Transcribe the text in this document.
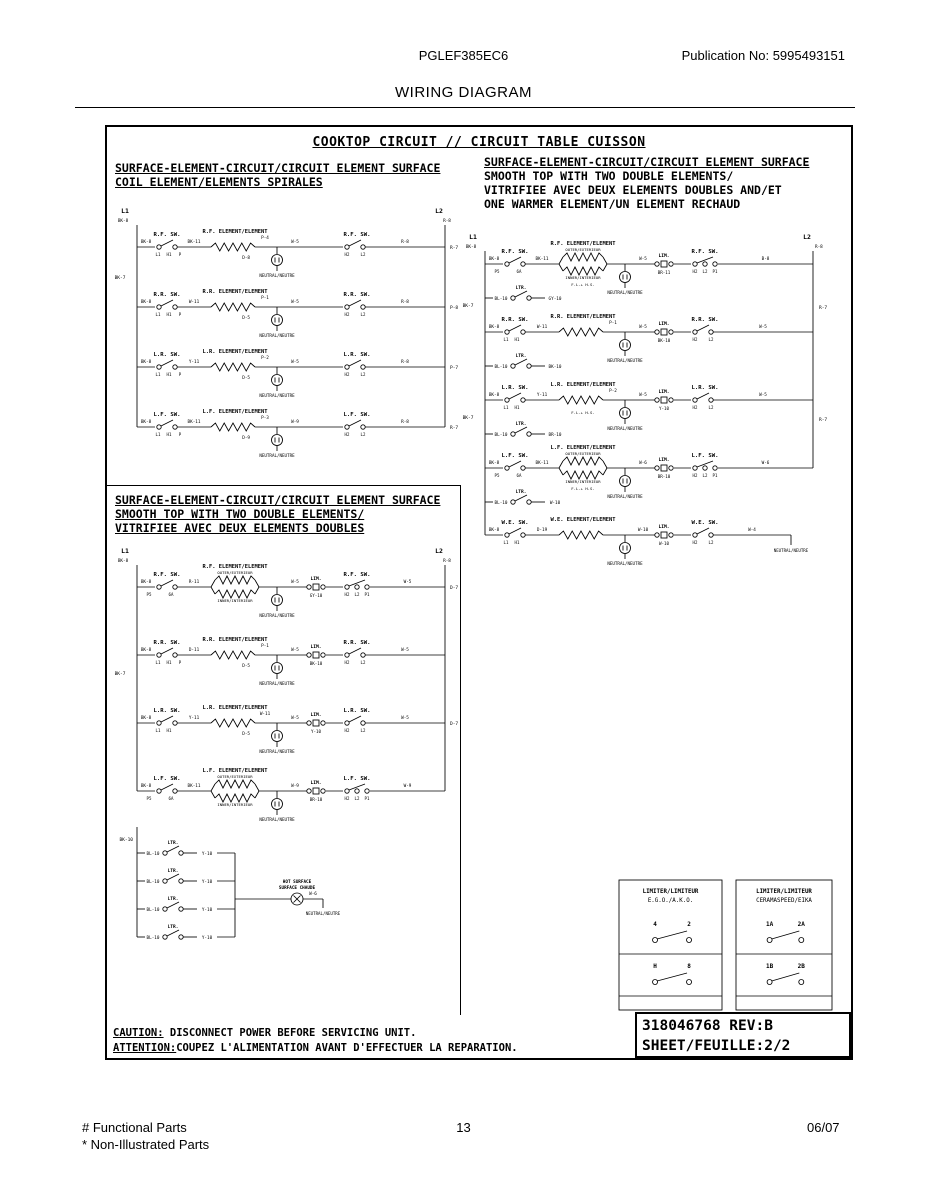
PGLEF385EC6	Publication No: 5995493151
WIRING DIAGRAM
L1
BK-8
BK-7
L2
R-8
BK-8
R.F. SW.
L1 H1 P
BK-11
R.F. ELEMENT/ELEMENT
P-4
D-8
NEUTRAL/NEUTRE
W-5
H2	L2
R.F. SW.
R-8
R-7
BK-8
R.R. SW.
L1 H1 P
W-11
R.R. ELEMENT/ELEMENT
P-1
D-5
NEUTRAL/NEUTRE
W-5
H2	L2
R.R. SW.
R-8
P-8
BK-8
L.R. SW.
L1 H1 P
Y-11
L.R. ELEMENT/ELEMENT
P-2
D-5
NEUTRAL/NEUTRE
W-5
H2	L2
L.R. SW.
R-8
P-7
BK-8
L.F. SW.
L1 H1 P
BK-11
L.F. ELEMENT/ELEMENT
P-3
D-9
NEUTRAL/NEUTRE
W-9
H2	L2
L.F. SW.
R-8
R-7
L1
BK-8
BK-7
L2
R-8
BK-8
R.F. SW.
P5	6A
R-11
R.F. ELEMENT/ELEMENT
OUTER/EXTERIEUR
INNER/INTERIEUR
NEUTRAL/NEUTRE
W-5
LIM.
GY-10	H2 L2 P1
R.F. SW.
W-5
D-7
BK-8
R.R. SW.
L1 H1 P
D-11
R.R. ELEMENT/ELEMENT
P-1
D-5
NEUTRAL/NEUTRE
W-5
LIM.
BK-10	H2	L2
R.R. SW.
W-5
BK-8
L.R. SW.
L1 H1
Y-11
L.R. ELEMENT/ELEMENT
W-11
D-5
NEUTRAL/NEUTRE
W-5
LIM.
Y-10	H2	L2
L.R. SW.
W-5
D-7
BK-8
L.F. SW.
P5	6A
BK-11
L.F. ELEMENT/ELEMENT
OUTER/EXTERIEUR
INNER/INTERIEUR
NEUTRAL/NEUTRE
W-9
LIM.
BR-10	H2 L2 P1
L.F. SW.
W-9
BK-10
BL-10
LTR.
Y-10
BL-10
LTR.
Y-10
BL-10
LTR.
Y-10
BL-10
LTR.
Y-10
HOT SURFACE
SURFACE CHAUDE
W-6
NEUTRAL/NEUTRE
L1
BK-8
BK-7
BK-7
L2
R-8
R-7
R-7
BK-8
R.F. SW.
P5	6A
BK-11
R.F. ELEMENT/ELEMENT
OUTER/EXTERIEUR
INNER/INTERIEUR
F.L.+ H.S.
NEUTRAL/NEUTRE
W-5
LIM.
BR-11	H2 L2 P1
R.F. SW.
B-8
BK-8
R.R. SW.
L1 H1
W-11
R.R. ELEMENT/ELEMENT
P-1
NEUTRAL/NEUTRE
W-5
LIM.
BK-10	H2	L2
R.R. SW.
W-5
BK-8
L.R. SW.
L1 H1
Y-11
L.R. ELEMENT/ELEMENT
P-2
F.L.+ H.S.
NEUTRAL/NEUTRE
W-5
LIM.
Y-10	H2	L2
L.R. SW.
W-5
BK-8
L.F. SW.
P5	6A
BK-11
L.F. ELEMENT/ELEMENT
OUTER/EXTERIEUR
INNER/INTERIEUR
F.L.+ H.S.
NEUTRAL/NEUTRE
W-6
LIM.
BR-10	H2 L2 P1
L.F. SW.
W-6
BL-10
LTR.
GY-10
BL-10
LTR.
BK-10
BL-10
LTR.
BR-10
BL-10
LTR.
W-10
BK-8
W.E. SW.
L1 H1
D-19
W.E. ELEMENT/ELEMENT
NEUTRAL/NEUTRE
W-10
LIM.
W-10	H2	L2
W.E. SW.
W-4
NEUTRAL/NEUTRE
LIMITER/LIMITEUR
E.G.O./A.K.O.
4	2
H	8
LIMITER/LIMITEUR
CERAMASPEED/EIKA
1A	2A
1B	2B
COOKTOP CIRCUIT // CIRCUIT TABLE CUISSON
SURFACE-ELEMENT-CIRCUIT/CIRCUIT ELEMENT SURFACE
COIL ELEMENT/ELEMENTS SPIRALES
SURFACE-ELEMENT-CIRCUIT/CIRCUIT ELEMENT SURFACE
SMOOTH TOP WITH TWO DOUBLE ELEMENTS/
VITRIFIEE AVEC DEUX ELEMENTS DOUBLES AND/ET
ONE WARMER ELEMENT/UN ELEMENT RECHAUD
SURFACE-ELEMENT-CIRCUIT/CIRCUIT ELEMENT SURFACE
SMOOTH TOP WITH TWO DOUBLE ELEMENTS/
VITRIFIEE AVEC DEUX ELEMENTS DOUBLES
318046768 REV:B
SHEET/FEUILLE:2/2
CAUTION: DISCONNECT POWER BEFORE SERVICING UNIT.
ATTENTION:COUPEZ L'ALIMENTATION AVANT D'EFFECTUER LA REPARATION.
# Functional Parts
* Non-Illustrated Parts
13	06/07
